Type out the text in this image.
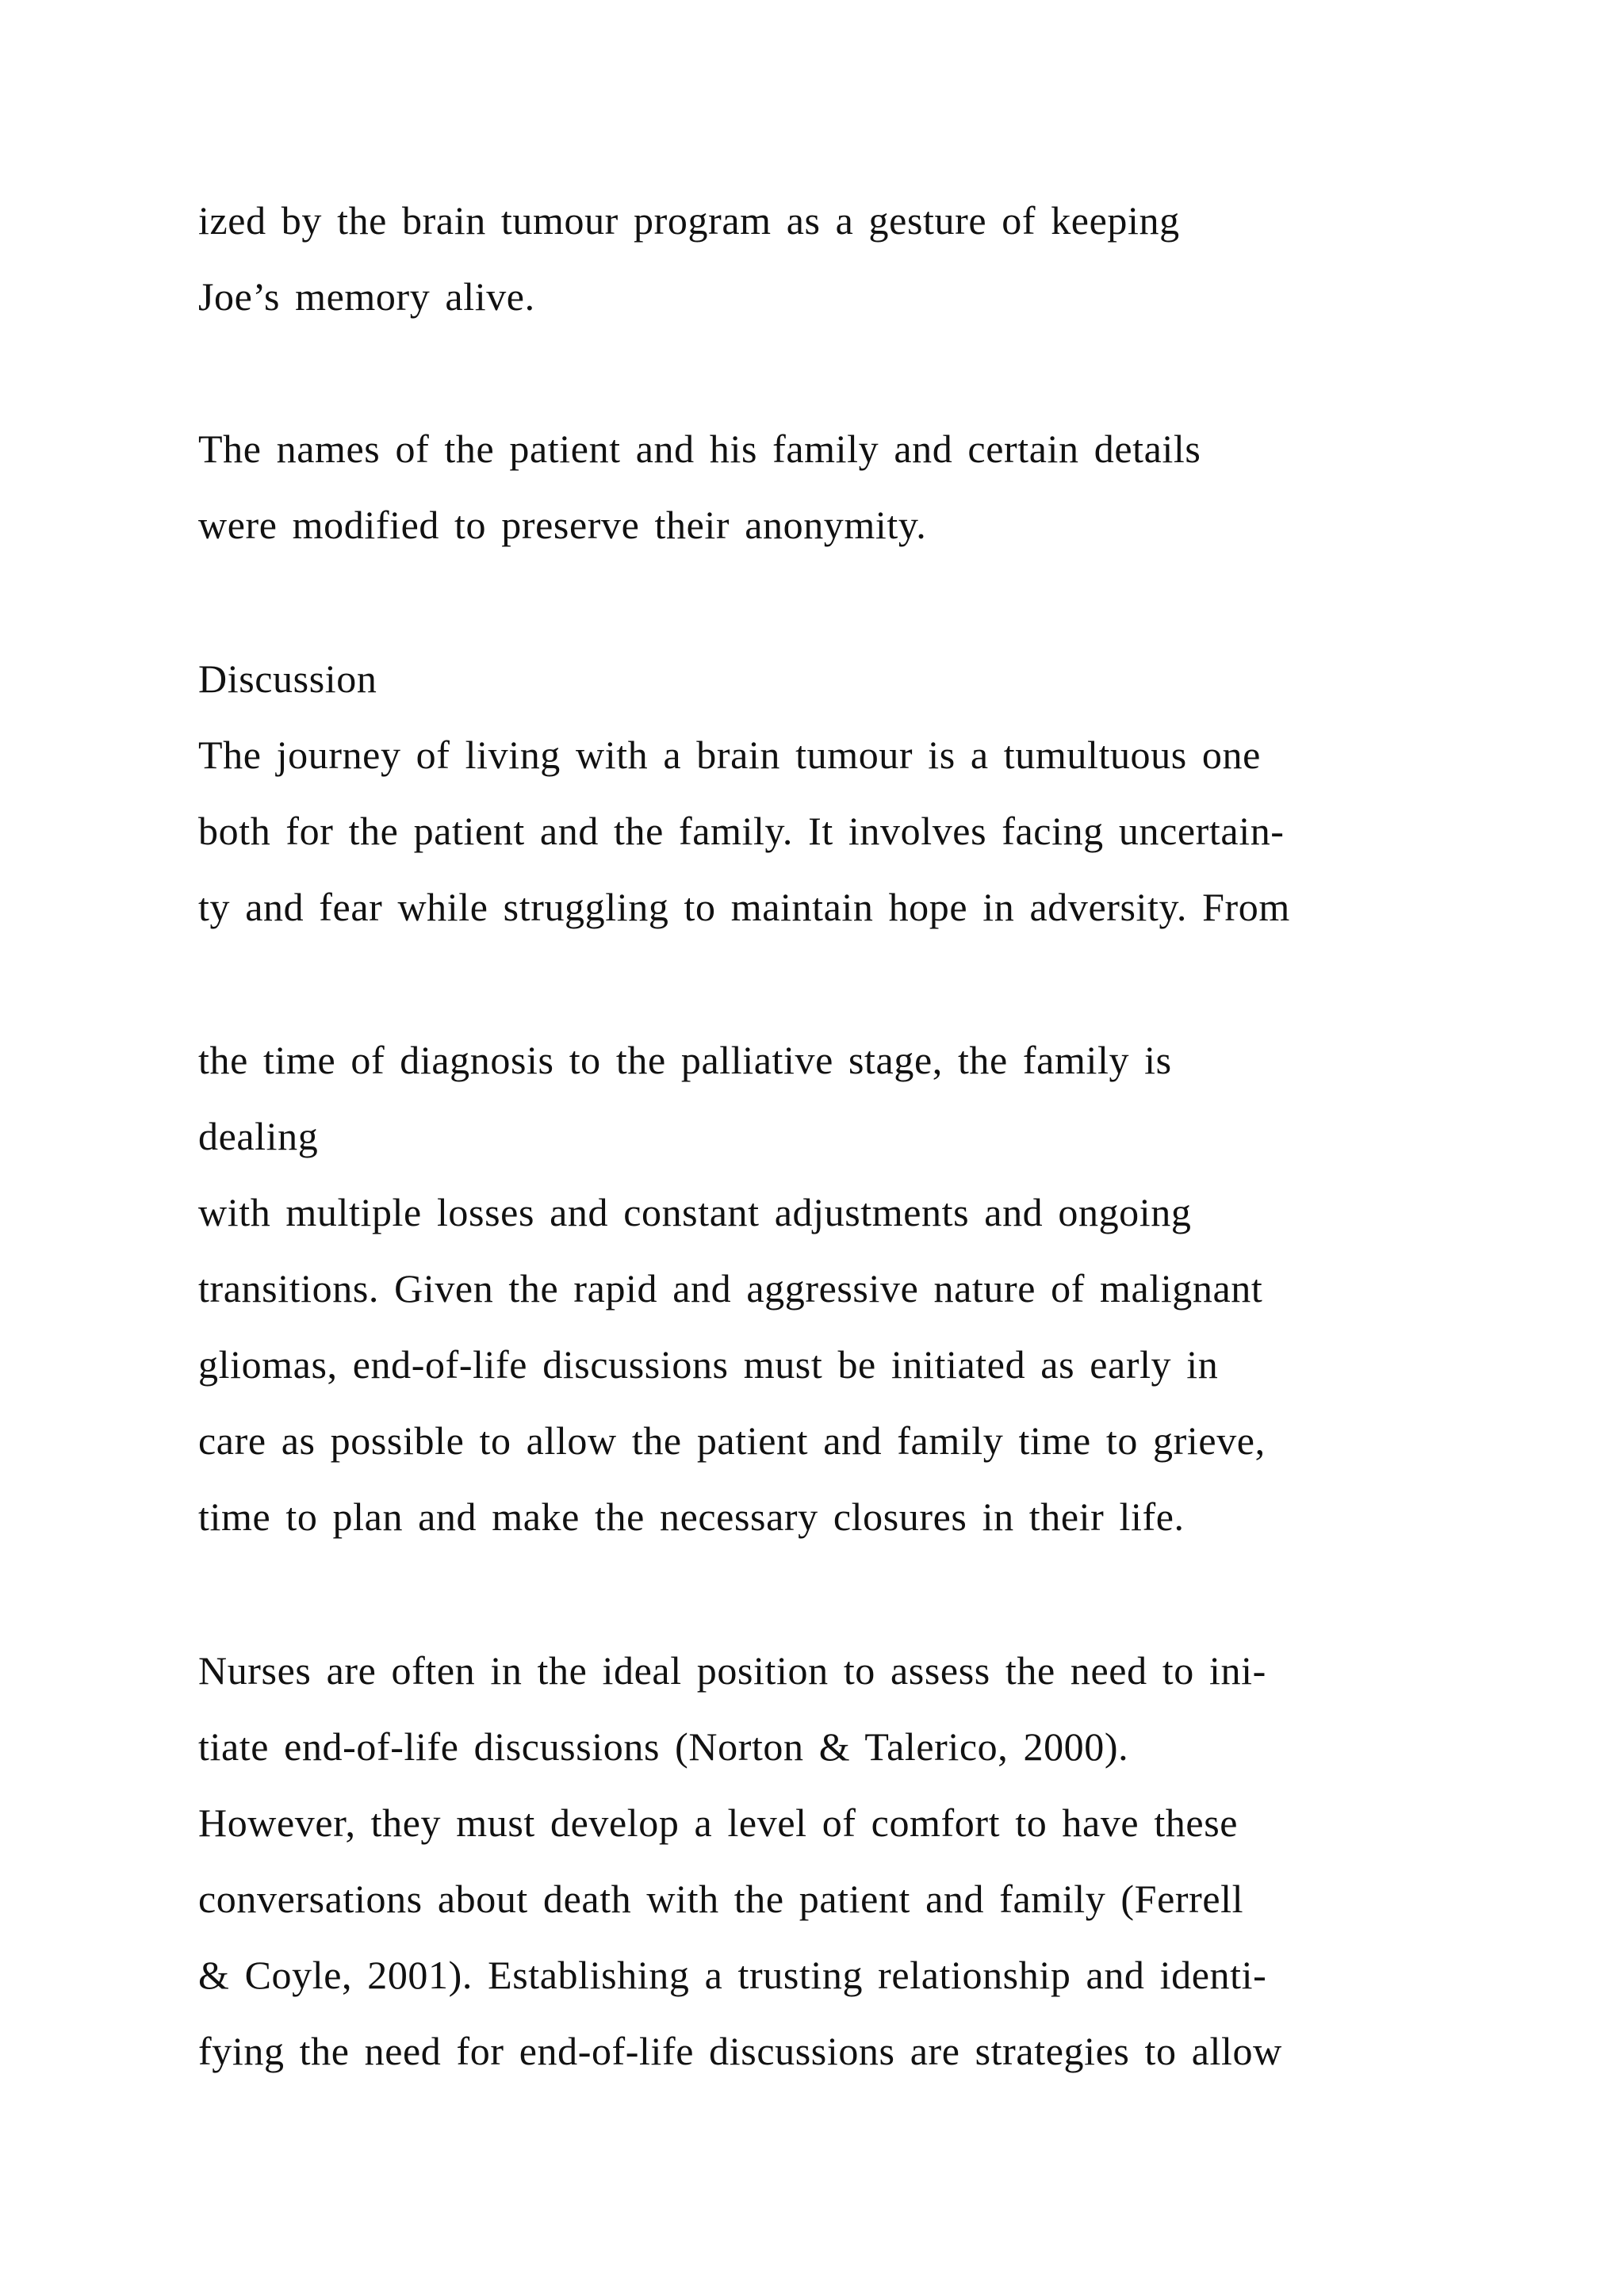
ized by the brain tumour program as a gesture of keeping

Joe’s memory alive.

The names of the patient and his family and certain details

were modified to preserve their anonymity.

Discussion

The journey of living with a brain tumour is a tumultuous one

both for the patient and the family. It involves facing uncertain-

ty and fear while struggling to maintain hope in adversity. From

the time of diagnosis to the palliative stage, the family is

dealing

with multiple losses and constant adjustments and ongoing

transitions. Given the rapid and aggressive nature of malignant

gliomas, end-of-life discussions must be initiated as early in

care as possible to allow the patient and family time to grieve,

time to plan and make the necessary closures in their life.

Nurses are often in the ideal position to assess the need to ini-

tiate end-of-life discussions (Norton & Talerico, 2000).

However, they must develop a level of comfort to have these

conversations about death with the patient and family (Ferrell

& Coyle, 2001). Establishing a trusting relationship and identi-

fying the need for end-of-life discussions are strategies to allow
